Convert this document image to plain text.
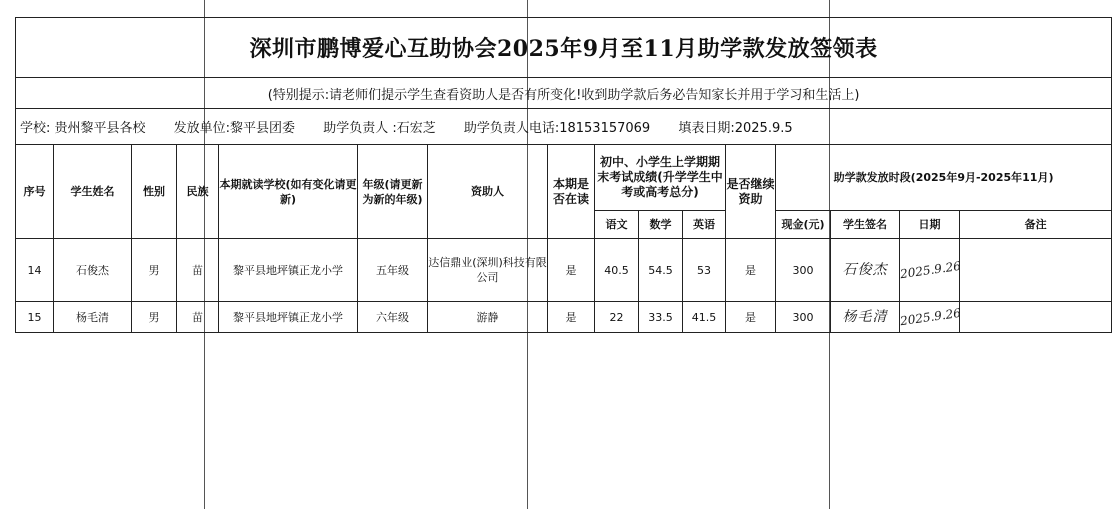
深圳市鹏博爱心互助协会2025年9月至11月助学款发放签领表															
(特别提示:请老师们提示学生查看资助人是否有所变化!收到助学款后务必告知家长并用于学习和生活上)															
学校: 贵州黎平县各校 发放单位:黎平县团委 助学负责人 :石宏芝 助学负责人电话:18153157069 填表日期:2025.9.5															
序号	学生姓名	性别	民族	本期就读学校(如有变化请更新)	年级(请更新为新的年级)	资助人	本期是否在读	初中、小学生上学期期末考试成绩(升学学生中考或高考总分)			是否继续资助	助学款发放时段(2025年9月-2025年11月)			
								语文	数学	英语		现金(元)	学生签名	日期	备注
14	石俊杰	男	苗	黎平县地坪镇正龙小学	五年级	达信鼎业(深圳)科技有限公司	是	40.5	54.5	53	是	300	石俊杰	2025.9.26	
15	杨毛清	男	苗	黎平县地坪镇正龙小学	六年级	游静	是	22	33.5	41.5	是	300	杨毛清	2025.9.26	
